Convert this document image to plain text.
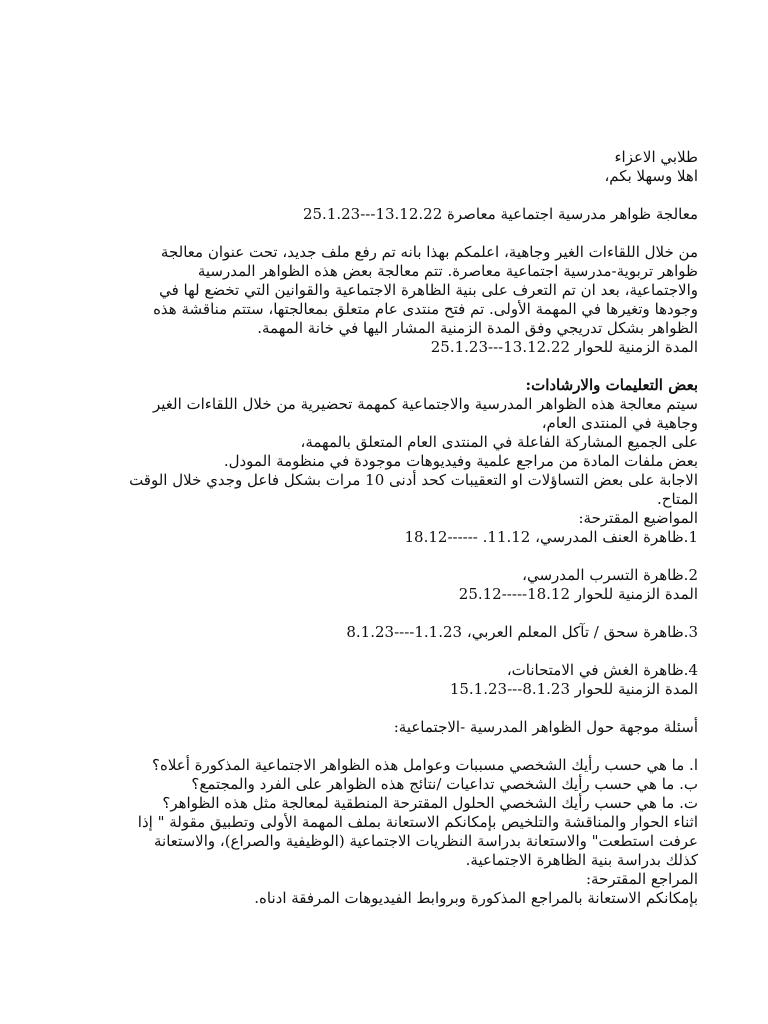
طلابي الاعزاء
اهلا وسهلا بكم،
معالجة ظواهر مدرسية اجتماعية معاصرة 13.12.22---25.1.23
من خلال اللقاءات الغير وجاهية، اعلمكم بهذا بانه تم رفع ملف جديد، تحت عنوان معالجة
ظواهر تربوية-مدرسية اجتماعية معاصرة. تتم معالجة بعض هذه الظواهر المدرسية
والاجتماعية، بعد ان تم التعرف على بنية الظاهرة الاجتماعية والقوانين التي تخضع لها في
وجودها وتغيرها في المهمة الأولى. تم فتح منتدى عام متعلق بمعالجتها، ستتم مناقشة هذه
الظواهر بشكل تدريجي وفق المدة الزمنية المشار اليها في خانة المهمة.
المدة الزمنية للحوار 13.12.22---25.1.23
بعض التعليمات والارشادات:
سيتم معالجة هذه الظواهر المدرسية والاجتماعية كمهمة تحضيرية من خلال اللقاءات الغير
وجاهية في المنتدى العام،
على الجميع المشاركة الفاعلة في المنتدى العام المتعلق بالمهمة،
بعض ملفات المادة من مراجع علمية وفيديوهات موجودة في منظومة المودل.
الاجابة على بعض التساؤلات او التعقيبات كحد أدنى 10 مرات بشكل فاعل وجدي خلال الوقت
المتاح.
المواضيع المقترحة:
1.ظاهرة العنف المدرسي، 11.12. ------18.12
2.ظاهرة التسرب المدرسي،
المدة الزمنية للحوار 18.12-----25.12
3.ظاهرة سحق / تآكل المعلم العربي، 1.1.23----8.1.23
4.ظاهرة الغش في الامتحانات،
المدة الزمنية للحوار 8.1.23---15.1.23
أسئلة موجهة حول الظواهر المدرسية -الاجتماعية:
ا. ما هي حسب رأيك الشخصي مسببات وعوامل هذه الظواهر الاجتماعية المذكورة أعلاه؟
ب. ما هي حسب رأيك الشخصي تداعيات /نتائج هذه الظواهر على الفرد والمجتمع؟
ت. ما هي حسب رأيك الشخصي الحلول المقترحة المنطقية لمعالجة مثل هذه الظواهر؟
اثناء الحوار والمناقشة والتلخيص بإمكانكم الاستعانة بملف المهمة الأولى وتطبيق مقولة " إذا
عرفت استطعت" والاستعانة بدراسة النظريات الاجتماعية (الوظيفية والصراع)، والاستعانة
كذلك بدراسة بنية الظاهرة الاجتماعية.
المراجع المقترحة:
بإمكانكم الاستعانة بالمراجع المذكورة وبروابط الفيديوهات المرفقة ادناه.
